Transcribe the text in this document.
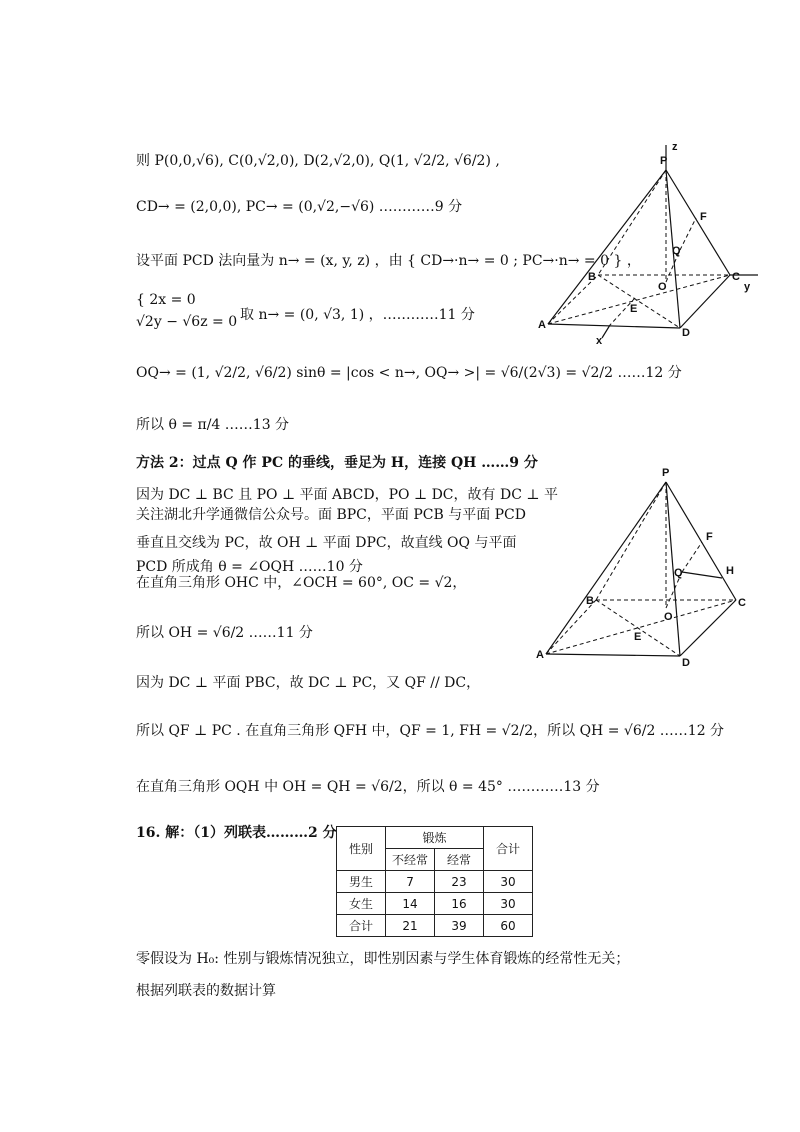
则 P(0,0,√6), C(0,√2,0), D(2,√2,0), Q(1, √2/2, √6/2) ,
CD→ = (2,0,0), PC→ = (0,√2,−√6) …………9 分
设平面 PCD 法向量为 n→ = (x, y, z) ，由 { CD→·n→ = 0 ; PC→·n→ = 0 } ，
{ 2x = 0
√2y − √6z = 0 取 n→ = (0, √3, 1) ，…………11 分
OQ→ = (1, √2/2, √6/2) sinθ = |cos < n→, OQ→ >| = √6/(2√3) = √2/2 ……12 分
所以 θ = π/4 ……13 分
方法 2：过点 Q 作 PC 的垂线，垂足为 H，连接 QH ……9 分
因为 DC ⊥ BC 且 PO ⊥ 平面 ABCD，PO ⊥ DC，故有 DC ⊥ 平
关注湖北升学通微信公众号。面 BPC，平面 PCB 与平面 PCD
垂直且交线为 PC，故 OH ⊥ 平面 DPC，故直线 OQ 与平面
PCD 所成角 θ = ∠OQH ……10 分
在直角三角形 OHC 中，∠OCH = 60°, OC = √2，
所以 OH = √6/2 ……11 分
因为 DC ⊥ 平面 PBC，故 DC ⊥ PC，又 QF // DC，
所以 QF ⊥ PC . 在直角三角形 QFH 中，QF = 1, FH = √2/2，所以 QH = √6/2 ……12 分
在直角三角形 OQH 中 OH = QH = √6/2，所以 θ = 45° …………13 分
16. 解：（1）列联表………2 分
性别	锻炼		合计
	不经常	经常	
男生	7	23	30
女生	14	16	30
合计	21	39	60
零假设为 H₀: 性别与锻炼情况独立，即性别因素与学生体育锻炼的经常性无关；
根据列联表的数据计算
P
z
F
Q
B
O
C
y
A
E
D
x
P
F
Q	H
B
O
C
A
E
D
